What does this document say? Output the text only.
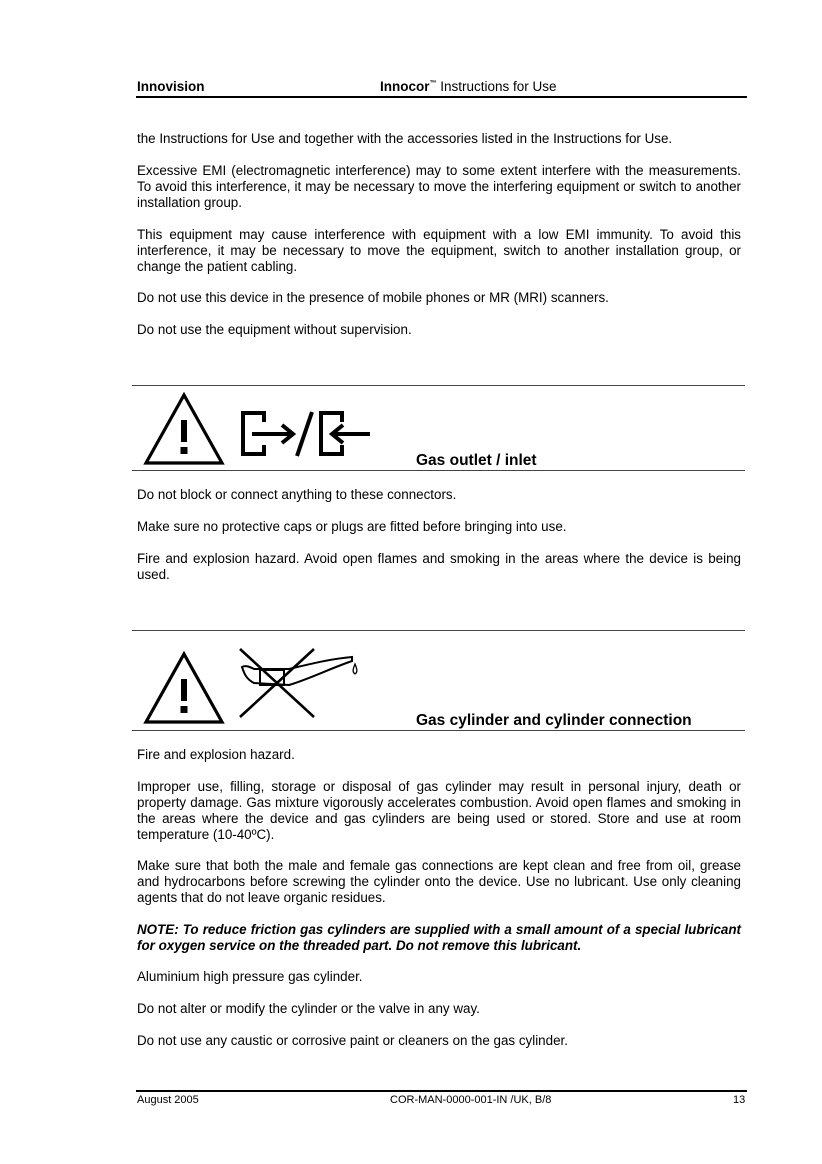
Innovision	Innocor™ Instructions for Use
the Instructions for Use and together with the accessories listed in the Instructions for Use.
Excessive EMI (electromagnetic interference) may to some extent interfere with the measurements. To avoid this interference, it may be necessary to move the interfering equipment or switch to another installation group.
This equipment may cause interference with equipment with a low EMI immunity. To avoid this interference, it may be necessary to move the equipment, switch to another installation group, or change the patient cabling.
Do not use this device in the presence of mobile phones or MR (MRI) scanners.
Do not use the equipment without supervision.
Gas outlet / inlet
Do not block or connect anything to these connectors.
Make sure no protective caps or plugs are fitted before bringing into use.
Fire and explosion hazard. Avoid open flames and smoking in the areas where the device is being used.
Gas cylinder and cylinder connection
Fire and explosion hazard.
Improper use, filling, storage or disposal of gas cylinder may result in personal injury, death or property damage. Gas mixture vigorously accelerates combustion. Avoid open flames and smoking in the areas where the device and gas cylinders are being used or stored. Store and use at room temperature (10-40ºC).
Make sure that both the male and female gas connections are kept clean and free from oil, grease and hydrocarbons before screwing the cylinder onto the device. Use no lubricant. Use only cleaning agents that do not leave organic residues.
NOTE: To reduce friction gas cylinders are supplied with a small amount of a special lubricant for oxygen service on the threaded part. Do not remove this lubricant.
Aluminium high pressure gas cylinder.
Do not alter or modify the cylinder or the valve in any way.
Do not use any caustic or corrosive paint or cleaners on the gas cylinder.
August 2005	COR-MAN-0000-001-IN /UK, B/8	13
